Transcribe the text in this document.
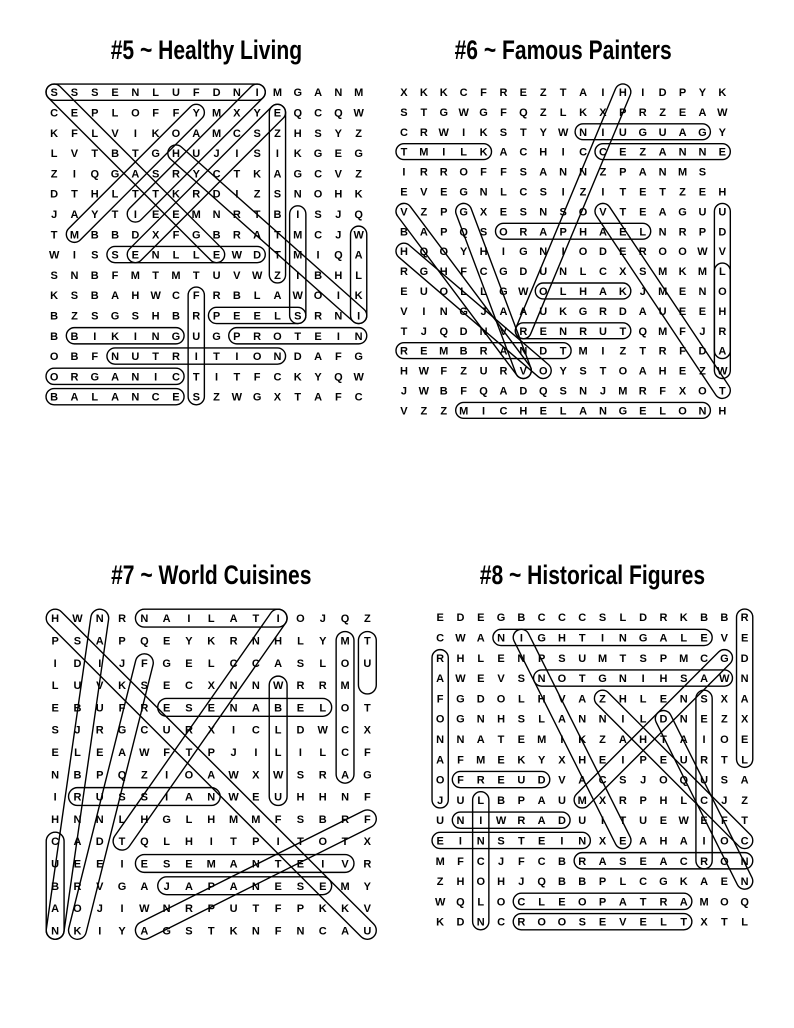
#5 ~ Healthy Living
S S S E N L U F D N I M G A N M
C E P L O F F Y M X Y E Q C Q W
K F L V I K O A M C S Z H S Y Z
L V T B T G H U J I S I K G E G
Z I Q G A S R Y C T K A G C V Z
D T H L T T K R D I Z S N O H K
J A Y T I E E M N R T B I S J Q
T M B B D X F G B R A T M C J W
W I S S E N L L E W D T M I Q A
S N B F M T M T U V W Z I B H L
K S B A H W C F R B L A W O I K
B Z S G S H B R P E E L S R N I
B B I K I N G U G P R O T E I N
O B F N U T R I T I O N D A F G
O R G A N I C T I T F C K Y Q W
B A L A N C E S Z W G X T A F C
#6 ~ Famous Painters
X K K C F R E Z T A I H I D P Y K
S T G W G F Q Z L K X P R Z E A W
C R W I K S T Y W N I U G U A G Y
T M I L K A C H I C C E Z A N N E
I R R O F F S A N N Z P A N M S
E V E G N L C S I Z I T E T Z E H
V Z P G X E S N S O V T E A G U U
B A P Q S O R A P H A E L N R P D
H Q O Y H I G N I O D E R O O W V
R G H F C G D U N L C X S M K M L
E U O L L G W O L H A K J M E N O
V I N G J A A U K G R D A U E E H
T J Q D N V R E N R U T Q M F J R
R E M B R A N D T M I Z T R F D A
H W F Z U R V O Y S T O A H E Z W
J W B F Q A D Q S N J M R F X O T
V Z Z M I C H E L A N G E L O N H
#7 ~ World Cuisines
H W N R N A I L A T I O J Q Z
P S A P Q E Y K R N H L Y M T
I D I J F G E L C C A S L O U
L U V K S E C X N N W R R M
E B U F R E S E N A B E L O T
S J R G C U R X I C L D W C X
E L E A W F T P J I L I L C F
N B P Q Z I O A W X W S R A G
I R U S S I A N W E U H H N F
H N N L H G L H M M F S B R F
C A D T Q L H I T P I T O T X
U E E I E S E M A N T E I V R
B R V G A J A P A N E S E M Y
A O J I W N R P U T F P K K V
N K I Y A G S T K N F N C A U
#8 ~ Historical Figures
E D E G B C C C S L D R K B B R
C W A N I G H T I N G A L E V E
R H L E N P S U M T S P M C G D
A W E V S N O T G N I H S A W N
F G D O L H V A Z H L E N S X A
O G N H S L A N N I L D N E Z X
N N A T E M I K Z A H T A I O E
A F M E K Y X H E I P E U R T L
O F R E U D V A C S J O Q U S A
J U L B P A U M X R P H L C J Z
U N I W R A D U I T U E W E F T
E I N S T E I N X E A H A I O C
M F C J F C B R A S E A C R O N
Z H O H J Q B B P L C G K A E N
W Q L O C L E O P A T R A M O Q
K D N C R O O S E V E L T X T L
